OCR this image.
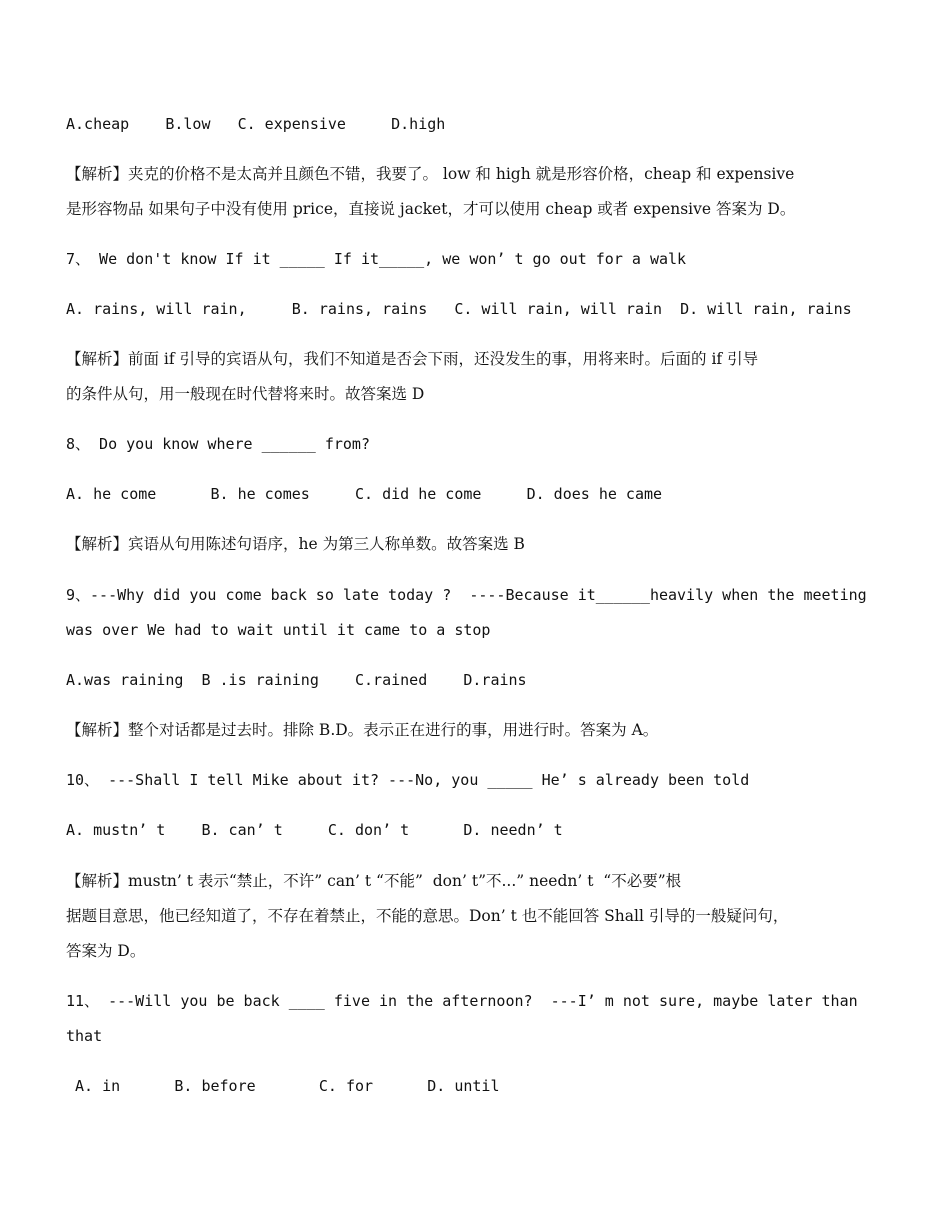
A.cheap    B.low   C. expensive     D.high
【解析】夹克的价格不是太高并且颜色不错，我要了。 low 和 high 就是形容价格，cheap 和 expensive
是形容物品 如果句子中没有使用 price，直接说 jacket，才可以使用 cheap 或者 expensive 答案为 D。
7、 We don't know If it _____ If it_____, we won’ t go out for a walk
A. rains, will rain,     B. rains, rains   C. will rain, will rain  D. will rain, rains
【解析】前面 if 引导的宾语从句，我们不知道是否会下雨，还没发生的事，用将来时。后面的 if 引导
的条件从句，用一般现在时代替将来时。故答案选 D
8、 Do you know where ______ from?
A. he come      B. he comes     C. did he come     D. does he came
【解析】宾语从句用陈述句语序，he 为第三人称单数。故答案选 B
9、---Why did you come back so late today ?  ----Because it______heavily when the meeting
was over We had to wait until it came to a stop
A.was raining  B .is raining    C.rained    D.rains
【解析】整个对话都是过去时。排除 B.D。表示正在进行的事，用进行时。答案为 A。
10、 ---Shall I tell Mike about it? ---No, you _____ He’ s already been told
A. mustn’ t    B. can’ t     C. don’ t      D. needn’ t
【解析】mustn’ t 表示“禁止，不许” can’ t “不能”  don’ t”不...” needn’ t  “不必要”根
据题目意思，他已经知道了，不存在着禁止，不能的意思。Don’ t 也不能回答 Shall 引导的一般疑问句，
答案为 D。
11、 ---Will you be back ____ five in the afternoon?  ---I’ m not sure, maybe later than
that
A. in      B. before       C. for      D. until
